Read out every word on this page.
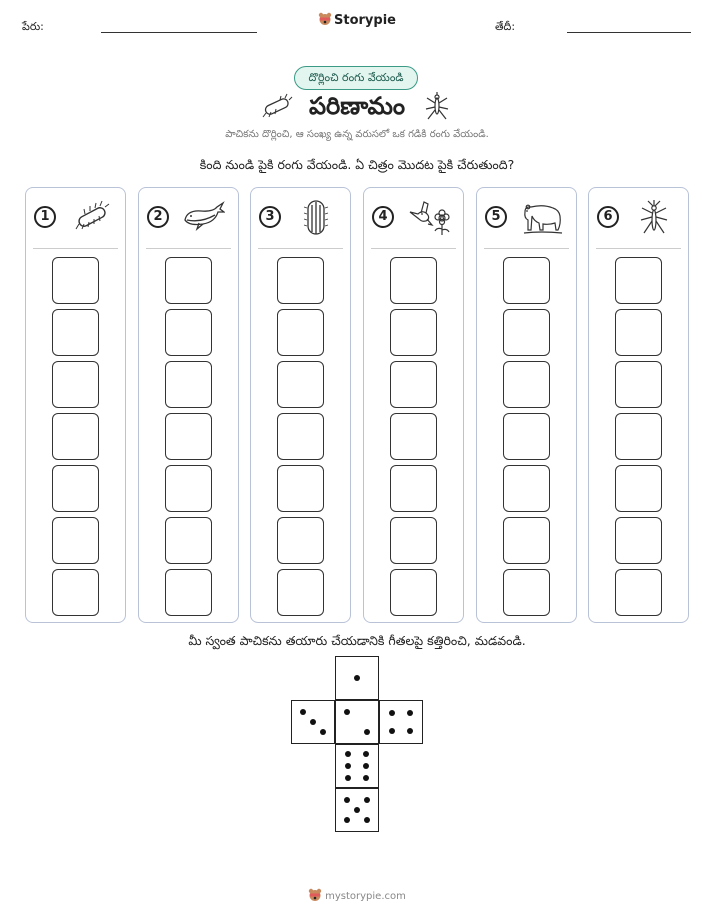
పేరు:	Storypie	తేదీ:
దొర్లించి రంగు వేయండి
పరిణామం
పాచికను దొర్లించి, ఆ సంఖ్య ఉన్న వరుసలో ఒక గడికి రంగు వేయండి.
కింది నుండి పైకి రంగు వేయండి. ఏ చిత్రం మొదట పైకి చేరుతుంది?
1	2	3	4	5	6
మీ స్వంత పాచికను తయారు చేయడానికి గీతలపై కత్తిరించి, మడవండి.
mystorypie.com
